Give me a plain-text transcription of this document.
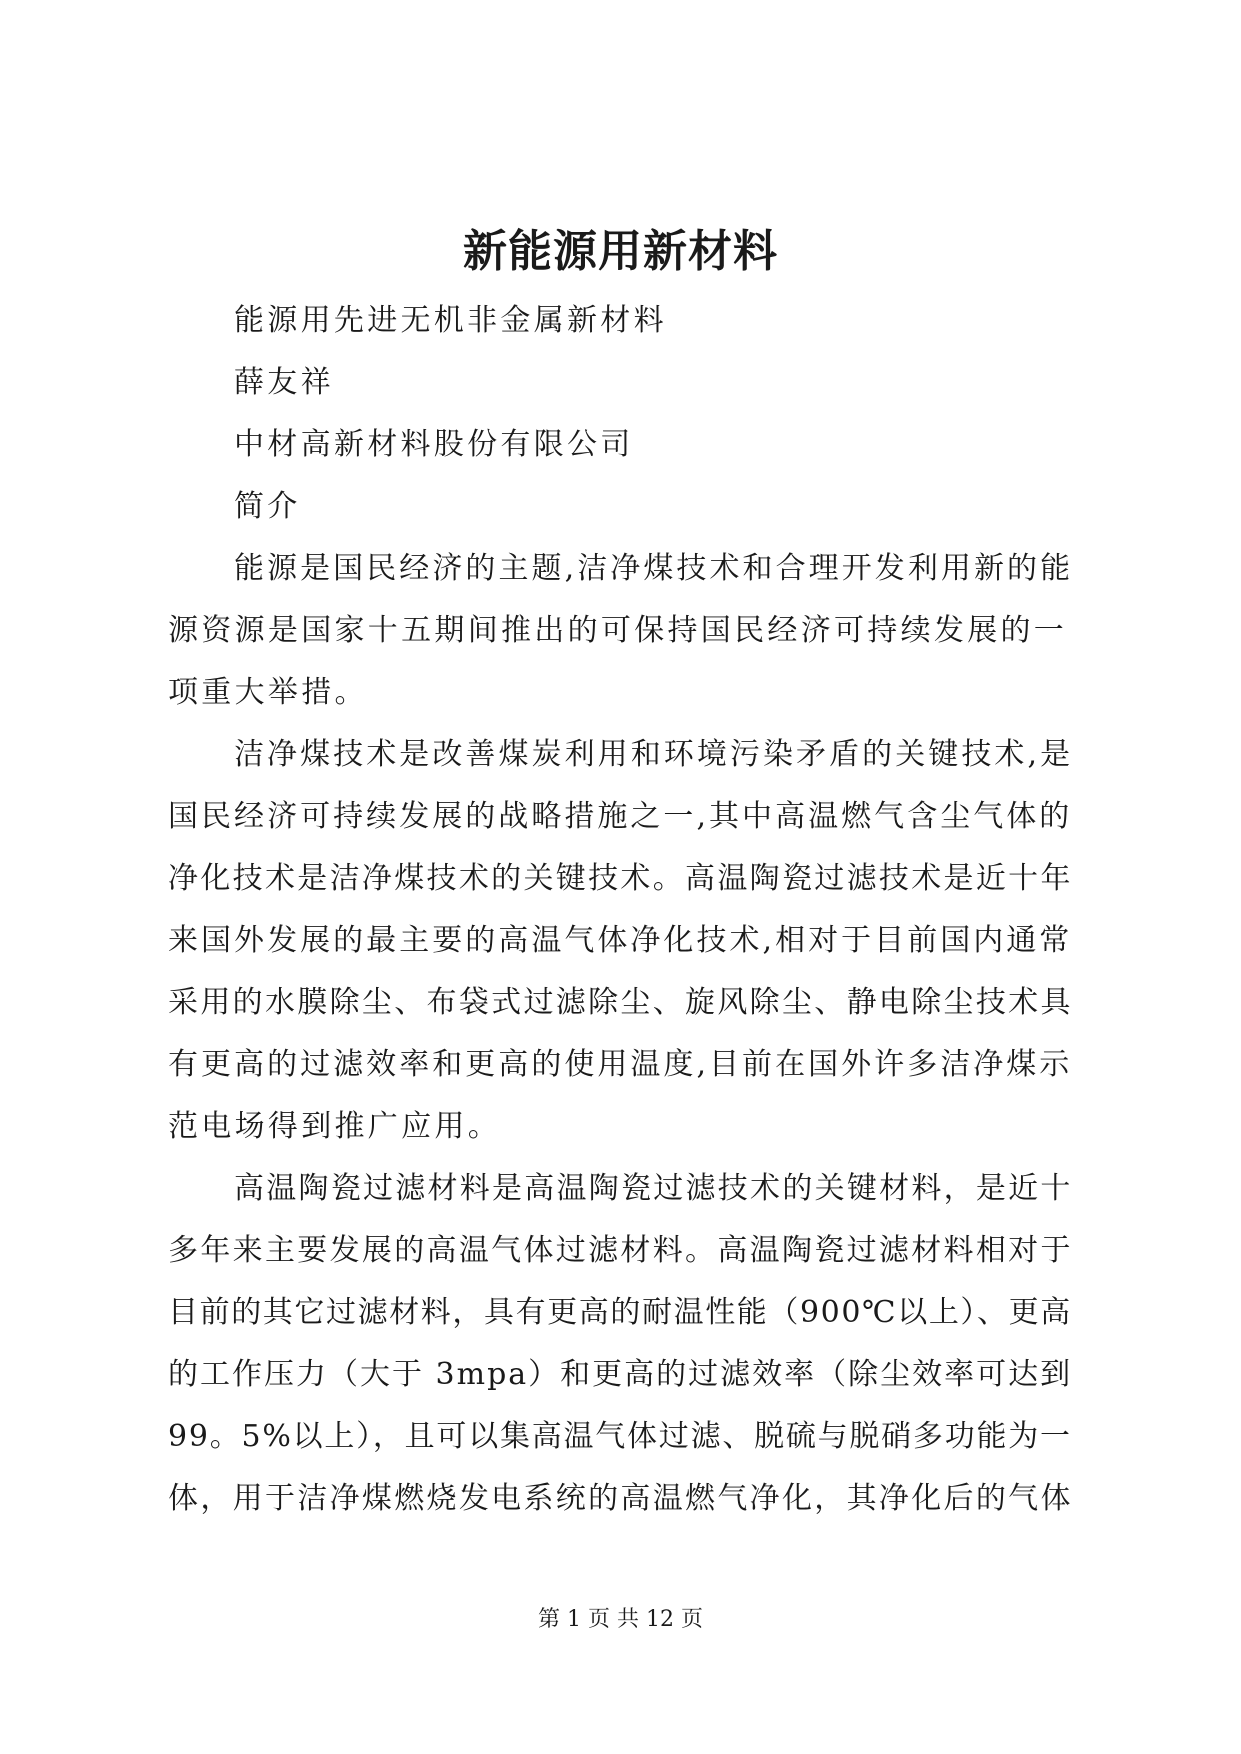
新能源用新材料
能源用先进无机非金属新材料
薛友祥
中材高新材料股份有限公司
简介
能源是国民经济的主题,洁净煤技术和合理开发利用新的能
源资源是国家十五期间推出的可保持国民经济可持续发展的一
项重大举措。
洁净煤技术是改善煤炭利用和环境污染矛盾的关键技术,是
国民经济可持续发展的战略措施之一,其中高温燃气含尘气体的
净化技术是洁净煤技术的关键技术。高温陶瓷过滤技术是近十年
来国外发展的最主要的高温气体净化技术,相对于目前国内通常
采用的水膜除尘、布袋式过滤除尘、旋风除尘、静电除尘技术具
有更高的过滤效率和更高的使用温度,目前在国外许多洁净煤示
范电场得到推广应用。
高温陶瓷过滤材料是高温陶瓷过滤技术的关键材料，是近十
多年来主要发展的高温气体过滤材料。高温陶瓷过滤材料相对于
目前的其它过滤材料，具有更高的耐温性能（900℃以上）、更高
的工作压力（大于 3mpa）和更高的过滤效率（除尘效率可达到
99。5%以上），且可以集高温气体过滤、脱硫与脱硝多功能为一
体，用于洁净煤燃烧发电系统的高温燃气净化，其净化后的气体
第 1 页 共 12 页
